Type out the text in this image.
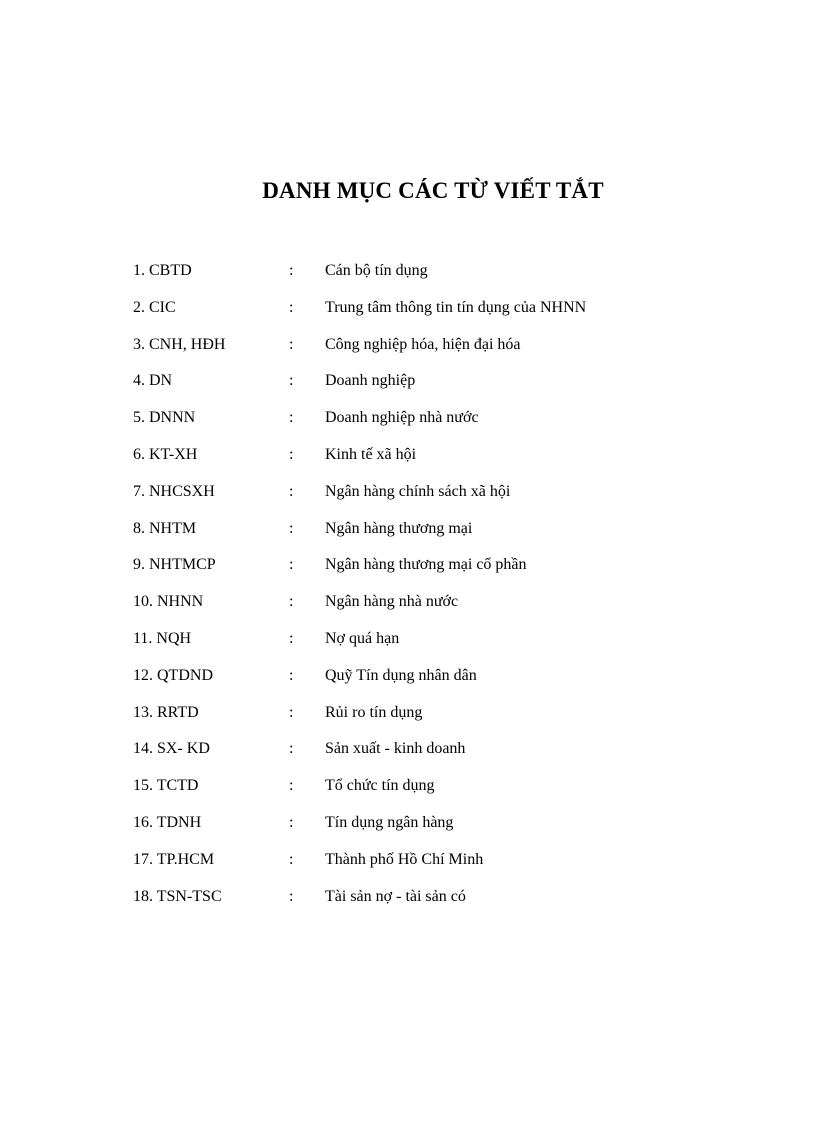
DANH MỤC CÁC TỪ VIẾT TẮT
1. CBTD	:	Cán bộ tín dụng
2. CIC	:	Trung tâm thông tin tín dụng của NHNN
3. CNH, HĐH	:	Công nghiệp hóa, hiện đại hóa
4. DN	:	Doanh nghiệp
5. DNNN	:	Doanh nghiệp nhà nước
6. KT-XH	:	Kinh tế xã hội
7. NHCSXH	:	Ngân hàng chính sách xã hội
8. NHTM	:	Ngân hàng thương mại
9. NHTMCP	:	Ngân hàng thương mại cổ phần
10. NHNN	:	Ngân hàng nhà nước
11. NQH	:	Nợ quá hạn
12. QTDND	:	Quỹ Tín dụng nhân dân
13. RRTD	:	Rủi ro tín dụng
14. SX- KD	:	Sản xuất - kinh doanh
15. TCTD	:	Tổ chức tín dụng
16. TDNH	:	Tín dụng ngân hàng
17. TP.HCM	:	Thành phố Hồ Chí Minh
18. TSN-TSC	:	Tài sản nợ - tài sản có
